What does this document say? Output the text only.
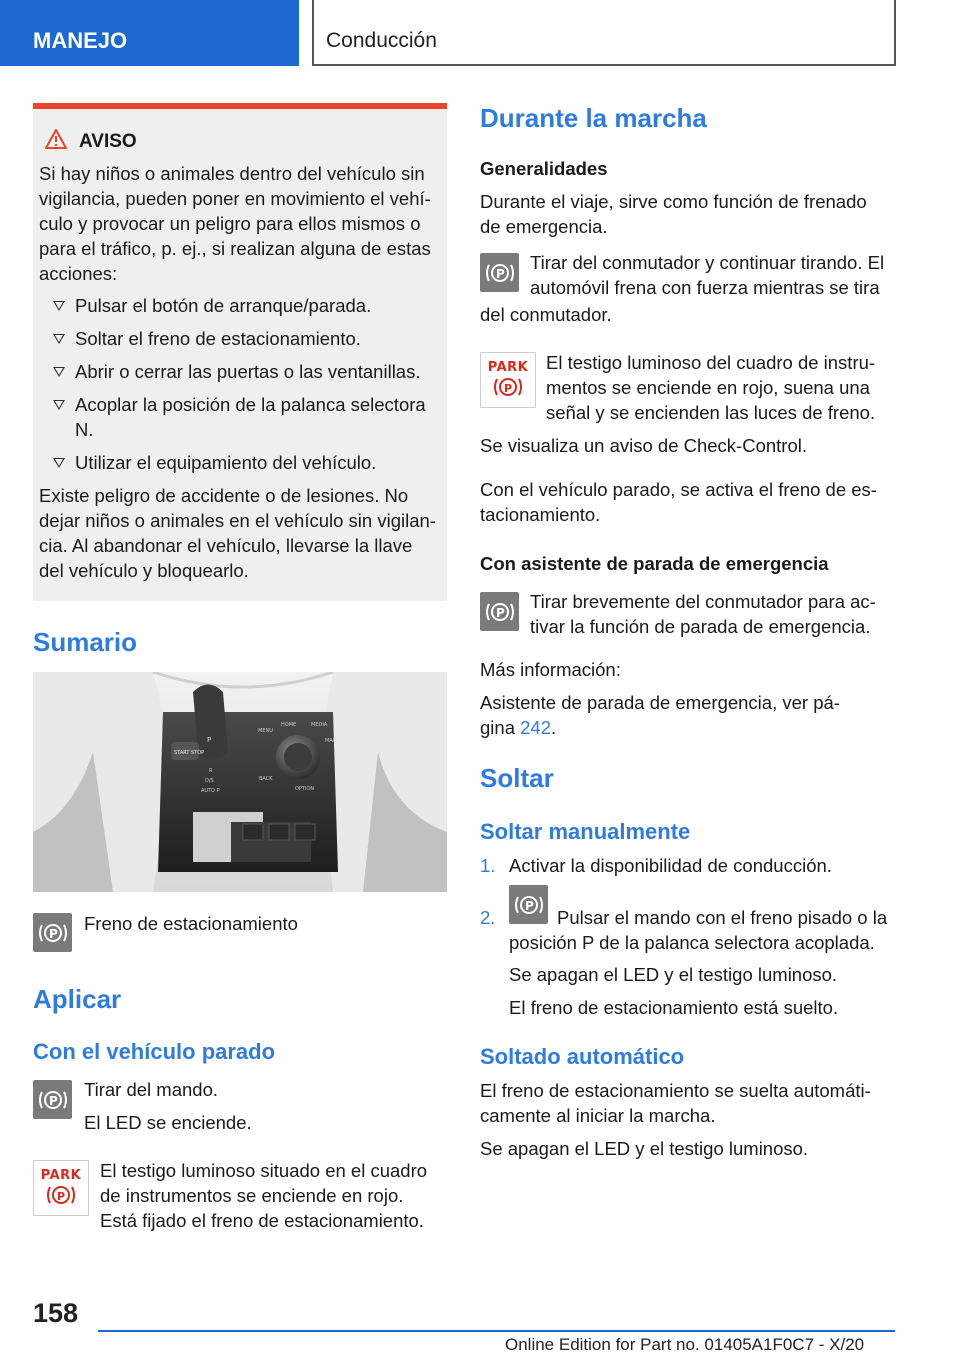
MANEJO	Conducción
AVISO
Si hay niños o animales dentro del vehículo sin vigilancia, pueden poner en movimiento el vehí-culo y provocar un peligro para ellos mismos o para el tráfico, p. ej., si realizan alguna de estas acciones:
Pulsar el botón de arranque/parada.
Soltar el freno de estacionamiento.
Abrir o cerrar las puertas o las ventanillas.
Acoplar la posición de la palanca selectora N.
Utilizar el equipamiento del vehículo.
Existe peligro de accidente o de lesiones. No dejar niños o animales en el vehículo sin vigilan-cia. Al abandonar el vehículo, llevarse la llave del vehículo y bloquearlo.
Sumario
P
START STOP
MENU
HOME
BACK
OPTION
MAP
MEDIA
AUTO P
D/S
R
P Freno de estacionamiento
Aplicar
Con el vehículo parado
P
Tirar del mando.
El LED se enciende.
PARK
P
El testigo luminoso situado en el cuadro de instrumentos se enciende en rojo. Está fijado el freno de estacionamiento.
Durante la marcha
Generalidades
Durante el viaje, sirve como función de frenado de emergencia.
P
Tirar del conmutador y continuar tirando. El automóvil frena con fuerza mientras se tira
del conmutador.
PARK
P
El testigo luminoso del cuadro de instru-mentos se enciende en rojo, suena una señal y se encienden las luces de freno.
Se visualiza un aviso de Check-Control.
Con el vehículo parado, se activa el freno de es-tacionamiento.
Con asistente de parada de emergencia
P
Tirar brevemente del conmutador para ac-tivar la función de parada de emergencia.
Más información:
Asistente de parada de emergencia, ver pá-gina 242.
Soltar
Soltar manualmente
1. Activar la disponibilidad de conducción.
2.
P
Pulsar el mando con el freno pisado o la posición P de la palanca selectora acoplada.
Se apagan el LED y el testigo luminoso.
El freno de estacionamiento está suelto.
Soltado automático
El freno de estacionamiento se suelta automáti-camente al iniciar la marcha.
Se apagan el LED y el testigo luminoso.
158
Online Edition for Part no. 01405A1F0C7 - X/20
